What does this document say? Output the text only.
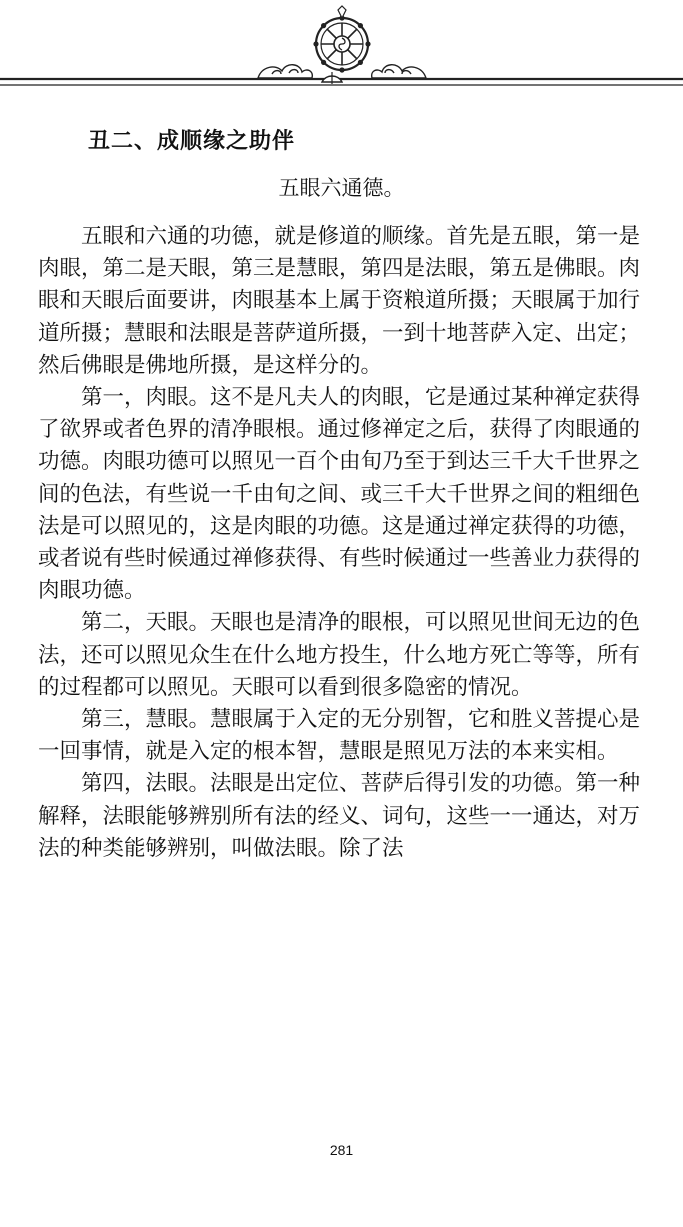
丑二、成顺缘之助伴
五眼六通德。

五眼和六通的功德，就是修道的顺缘。首先是五眼，第一是肉眼，第二是天眼，第三是慧眼，第四是法眼，第五是佛眼。肉眼和天眼后面要讲，肉眼基本上属于资粮道所摄；天眼属于加行道所摄；慧眼和法眼是菩萨道所摄，一到十地菩萨入定、出定；然后佛眼是佛地所摄，是这样分的。

第一，肉眼。这不是凡夫人的肉眼，它是通过某种禅定获得了欲界或者色界的清净眼根。通过修禅定之后，获得了肉眼通的功德。肉眼功德可以照见一百个由旬乃至于到达三千大千世界之间的色法，有些说一千由旬之间、或三千大千世界之间的粗细色法是可以照见的，这是肉眼的功德。这是通过禅定获得的功德，或者说有些时候通过禅修获得、有些时候通过一些善业力获得的肉眼功德。

第二，天眼。天眼也是清净的眼根，可以照见世间无边的色法，还可以照见众生在什么地方投生，什么地方死亡等等，所有的过程都可以照见。天眼可以看到很多隐密的情况。

第三，慧眼。慧眼属于入定的无分别智，它和胜义菩提心是一回事情，就是入定的根本智，慧眼是照见万法的本来实相。

第四，法眼。法眼是出定位、菩萨后得引发的功德。第一种解释，法眼能够辨别所有法的经义、词句，这些一一通达，对万法的种类能够辨别，叫做法眼。除了法

281
